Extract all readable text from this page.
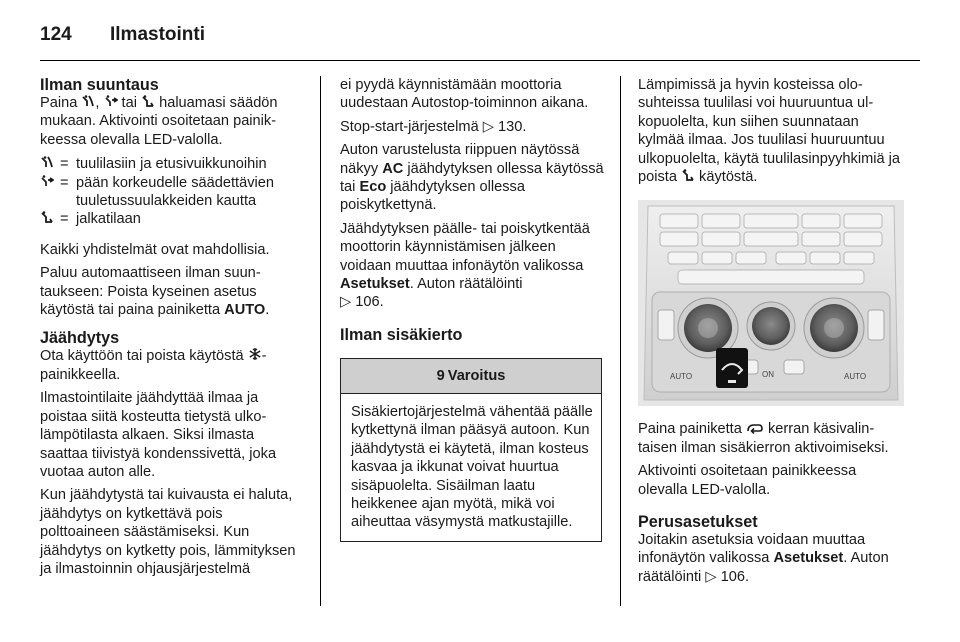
124 Ilmastointi
Ilman suuntaus

Paina ,  tai  haluamasi säädön mukaan. Aktivointi osoitetaan painikkeessa olevalla LED-valolla.

= tuulilasiin ja etusivuikkunoihin
= pään korkeudelle säädettävien tuuletussuulakkeiden kautta
= jalkatilaan

Kaikki yhdistelmät ovat mahdollisia.

Paluu automaattiseen ilman suuntaukseen: Poista kyseinen asetus käytöstä tai paina painiketta AUTO.

Jäähdytys

Ota käyttöön tai poista käytöstä -painikkeella.

Ilmastointilaite jäähdyttää ilmaa ja poistaa siitä kosteutta tietystä ulkolämpötilasta alkaen. Siksi ilmasta saattaa tiivistyä kondenssivettä, joka vuotaa auton alle.

Kun jäähdytystä tai kuivausta ei haluta, jäähdytys on kytkettävä pois polttoaineen säästämiseksi. Kun jäähdytys on kytketty pois, lämmityksen ja ilmastoinnin ohjausjärjestelmä

ei pyydä käynnistämään moottoria uudestaan Autostop-toiminnon aikana.

Stop-start-järjestelmä ▷ 130.

Auton varustelusta riippuen näytössä näkyy AC jäähdytyksen ollessa käytössä tai Eco jäähdytyksen ollessa poiskytkettynä.

Jäähdytyksen päälle- tai poiskytkentää moottorin käynnistämisen jälkeen voidaan muuttaa infonäytön valikossa Asetukset. Auton räätälöinti
▷ 106.

Ilman sisäkierto
9 Varoitus
Sisäkiertojärjestelmä vähentää päälle kytkettynä ilman pääsyä autoon. Kun jäähdytystä ei käytetä, ilman kosteus kasvaa ja ikkunat voivat huurtua sisäpuolelta. Sisäilman laatu heikkenee ajan myötä, mikä voi aiheuttaa väsymystä matkustajille.

Lämpimissä ja hyvin kosteissa olosuhteissa tuulilasi voi huuruuntua ulkopuolelta, kun siihen suunnataan kylmää ilmaa. Jos tuulilasi huuruuntuu ulkopuolelta, käytä tuulilasinpyyhkimiä ja poista  käytöstä.

AUTO	AUTO
ON

Paina painiketta  kerran käsivalintaisen ilman sisäkierron aktivoimiseksi.

Aktivointi osoitetaan painikkeessa olevalla LED-valolla.

Perusasetukset

Joitakin asetuksia voidaan muuttaa infonäytön valikossa Asetukset. Auton räätälöinti ▷ 106.
